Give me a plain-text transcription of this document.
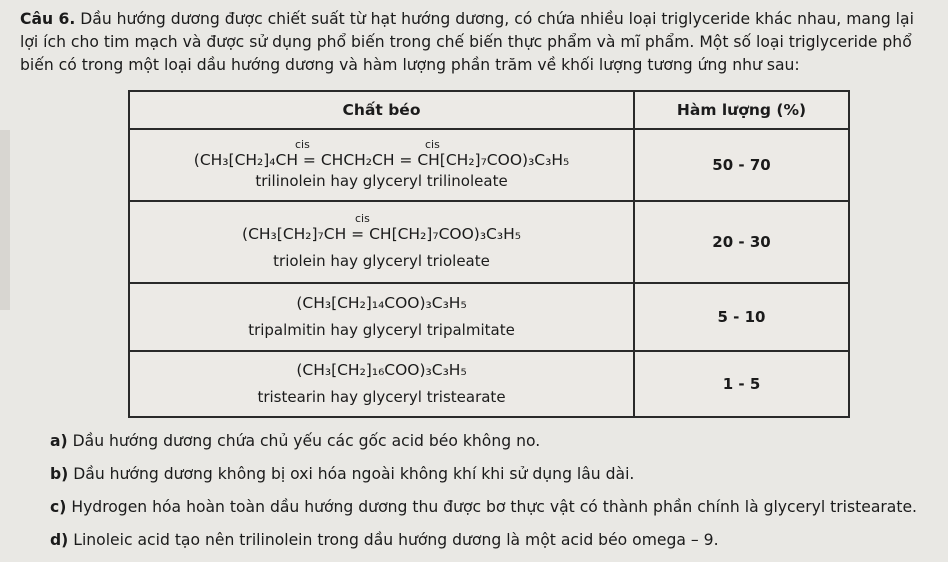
Câu 6. Dầu hướng dương được chiết suất từ hạt hướng dương, có chứa nhiều loại triglyceride khác nhau, mang lại lợi ích cho tim mạch và được sử dụng phổ biến trong chế biến thực phẩm và mĩ phẩm. Một số loại triglyceride phổ biến có trong một loại dầu hướng dương và hàm lượng phần trăm về khối lượng tương ứng như sau:
Chất béo	Hàm lượng (%)

cis cis
(CH₃[CH₂]₄CH = CHCH₂CH = CH[CH₂]₇COO)₃C₃H₅
trilinolein hay glyceryl trilinoleate	50 - 70

cis
(CH₃[CH₂]₇CH = CH[CH₂]₇COO)₃C₃H₅
triolein hay glyceryl trioleate	20 - 30

(CH₃[CH₂]₁₄COO)₃C₃H₅
tripalmitin hay glyceryl tripalmitate	5 - 10

(CH₃[CH₂]₁₆COO)₃C₃H₅
tristearin hay glyceryl tristearate	1 - 5
a) Dầu hướng dương chứa chủ yếu các gốc acid béo không no.
b) Dầu hướng dương không bị oxi hóa ngoài không khí khi sử dụng lâu dài.
c) Hydrogen hóa hoàn toàn dầu hướng dương thu được bơ thực vật có thành phần chính là glyceryl tristearate.
d) Linoleic acid tạo nên trilinolein trong dầu hướng dương là một acid béo omega – 9.
